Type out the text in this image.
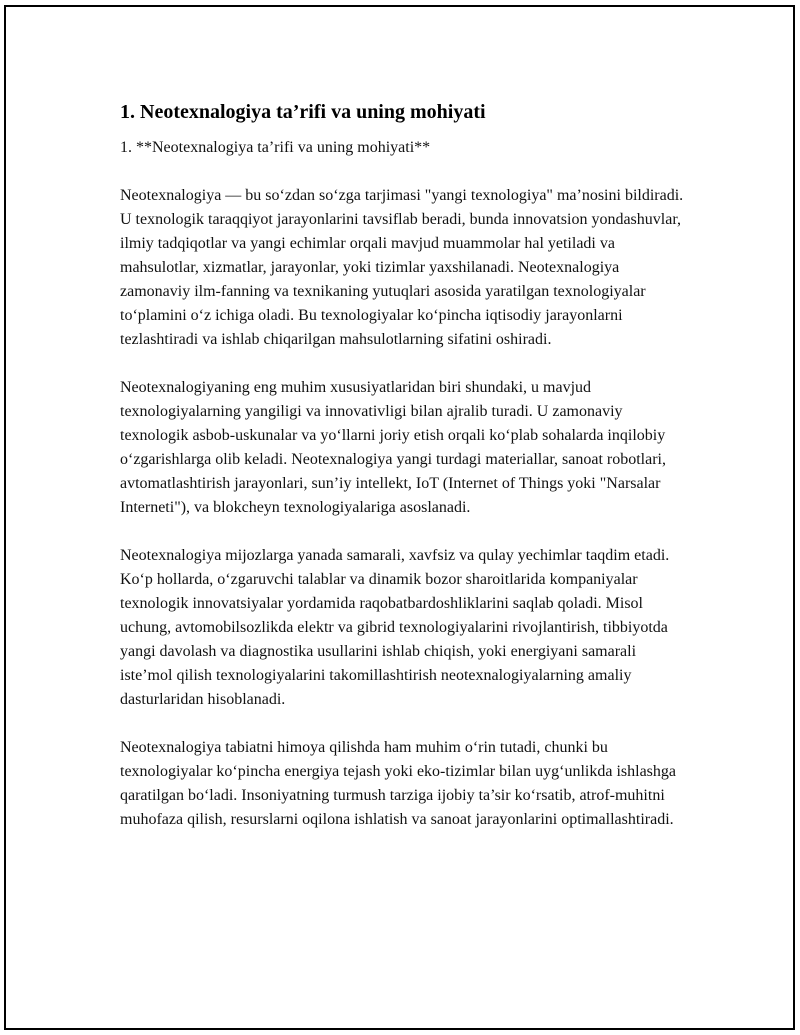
1. Neotexnalogiya ta’rifi va uning mohiyati

1. **Neotexnalogiya ta’rifi va uning mohiyati**

Neotexnalogiya — bu so‘zdan so‘zga tarjimasi "yangi texnologiya" ma’nosini bildiradi. U texnologik taraqqiyot jarayonlarini tavsiflab beradi, bunda innovatsion yondashuvlar, ilmiy tadqiqotlar va yangi echimlar orqali mavjud muammolar hal yetiladi va mahsulotlar, xizmatlar, jarayonlar, yoki tizimlar yaxshilanadi. Neotexnalogiya zamonaviy ilm-fanning va texnikaning yutuqlari asosida yaratilgan texnologiyalar to‘plamini o‘z ichiga oladi. Bu texnologiyalar ko‘pincha iqtisodiy jarayonlarni tezlashtiradi va ishlab chiqarilgan mahsulotlarning sifatini oshiradi.

Neotexnalogiyaning eng muhim xususiyatlaridan biri shundaki, u mavjud texnologiyalarning yangiligi va innovativligi bilan ajralib turadi. U zamonaviy texnologik asbob-uskunalar va yo‘llarni joriy etish orqali ko‘plab sohalarda inqilobiy o‘zgarishlarga olib keladi. Neotexnalogiya yangi turdagi materiallar, sanoat robotlari, avtomatlashtirish jarayonlari, sun’iy intellekt, IoT (Internet of Things yoki "Narsalar Interneti"), va blokcheyn texnologiyalariga asoslanadi.

Neotexnalogiya mijozlarga yanada samarali, xavfsiz va qulay yechimlar taqdim etadi. Ko‘p hollarda, o‘zgaruvchi talablar va dinamik bozor sharoitlarida kompaniyalar texnologik innovatsiyalar yordamida raqobatbardoshliklarini saqlab qoladi. Misol uchung, avtomobilsozlikda elektr va gibrid texnologiyalarini rivojlantirish, tibbiyotda yangi davolash va diagnostika usullarini ishlab chiqish, yoki energiyani samarali iste’mol qilish texnologiyalarini takomillashtirish neotexnalogiyalarning amaliy dasturlaridan hisoblanadi.

Neotexnalogiya tabiatni himoya qilishda ham muhim o‘rin tutadi, chunki bu texnologiyalar ko‘pincha energiya tejash yoki eko-tizimlar bilan uyg‘unlikda ishlashga qaratilgan bo‘ladi. Insoniyatning turmush tarziga ijobiy ta’sir ko‘rsatib, atrof-muhitni muhofaza qilish, resurslarni oqilona ishlatish va sanoat jarayonlarini optimallashtiradi.
